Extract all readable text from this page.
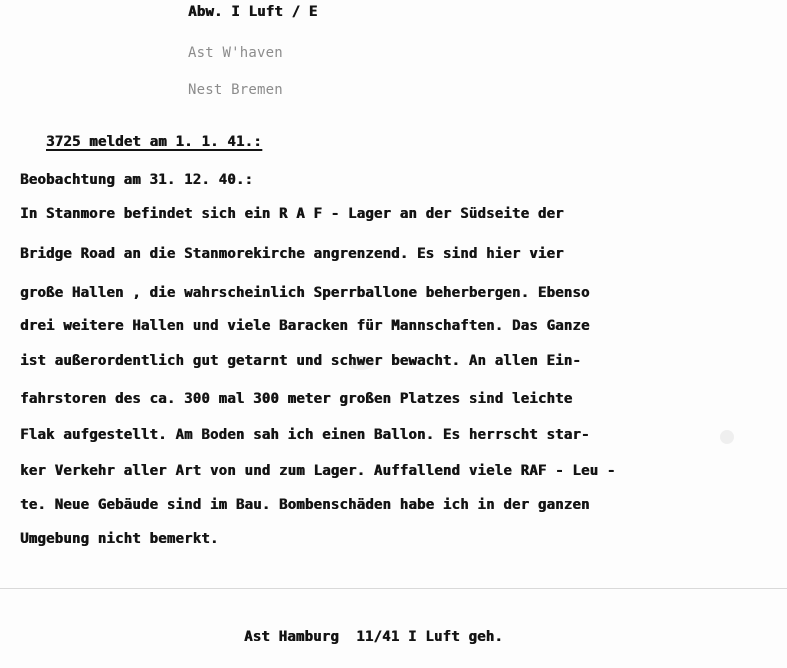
Abw. I Luft / E
Ast W'haven
Nest Bremen
3725 meldet am 1. 1. 41.:
Beobachtung am 31. 12. 40.:
In Stanmore befindet sich ein R A F - Lager an der Südseite der
Bridge Road an die Stanmorekirche angrenzend. Es sind hier vier
große Hallen , die wahrscheinlich Sperrballone beherbergen. Ebenso
drei weitere Hallen und viele Baracken für Mannschaften. Das Ganze
ist außerordentlich gut getarnt und schwer bewacht. An allen Ein-
fahrstoren des ca. 300 mal 300 meter großen Platzes sind leichte
Flak aufgestellt. Am Boden sah ich einen Ballon. Es herrscht star-
ker Verkehr aller Art von und zum Lager. Auffallend viele RAF - Leu -
te. Neue Gebäude sind im Bau. Bombenschäden habe ich in der ganzen
Umgebung nicht bemerkt.
Ast Hamburg  11/41 I Luft geh.
